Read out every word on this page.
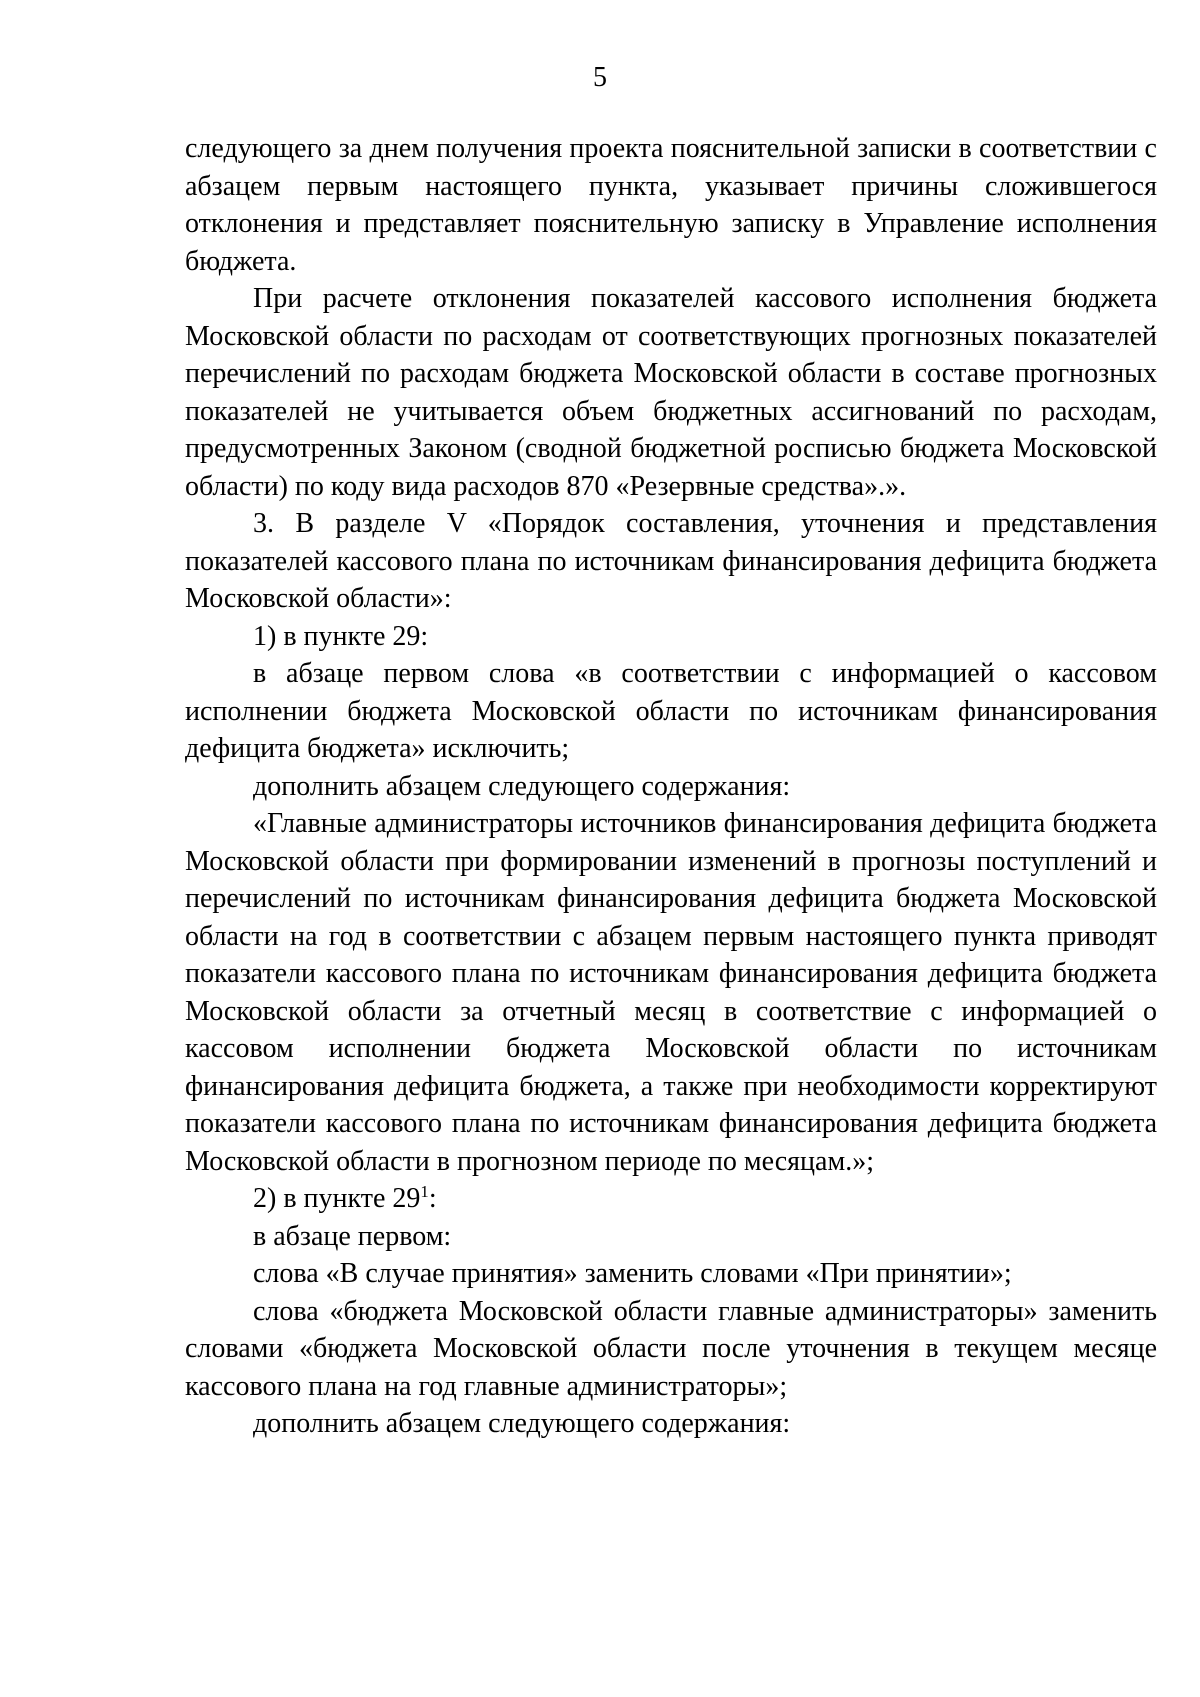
5

следующего за днем получения проекта пояснительной записки в соответствии с абзацем первым настоящего пункта, указывает причины сложившегося отклонения и представляет пояснительную записку в Управление исполнения бюджета.

При расчете отклонения показателей кассового исполнения бюджета Московской области по расходам от соответствующих прогнозных показателей перечислений по расходам бюджета Московской области в составе прогнозных показателей не учитывается объем бюджетных ассигнований по расходам, предусмотренных Законом (сводной бюджетной росписью бюджета Московской области) по коду вида расходов 870 «Резервные средства».».

3. В разделе V «Порядок составления, уточнения и представления показателей кассового плана по источникам финансирования дефицита бюджета Московской области»:

1) в пункте 29:

в абзаце первом слова «в соответствии с информацией о кассовом исполнении бюджета Московской области по источникам финансирования дефицита бюджета» исключить;

дополнить абзацем следующего содержания:

«Главные администраторы источников финансирования дефицита бюджета Московской области при формировании изменений в прогнозы поступлений и перечислений по источникам финансирования дефицита бюджета Московской области на год в соответствии с абзацем первым настоящего пункта приводят показатели кассового плана по источникам финансирования дефицита бюджета Московской области за отчетный месяц в соответствие с информацией о кассовом исполнении бюджета Московской области по источникам финансирования дефицита бюджета, а также при необходимости корректируют показатели кассового плана по источникам финансирования дефицита бюджета Московской области в прогнозном периоде по месяцам.»;

2) в пункте $29^1$:

в абзаце первом:

слова «В случае принятия» заменить словами «При принятии»;

слова «бюджета Московской области главные администраторы» заменить словами «бюджета Московской области после уточнения в текущем месяце кассового плана на год главные администраторы»;

дополнить абзацем следующего содержания:
